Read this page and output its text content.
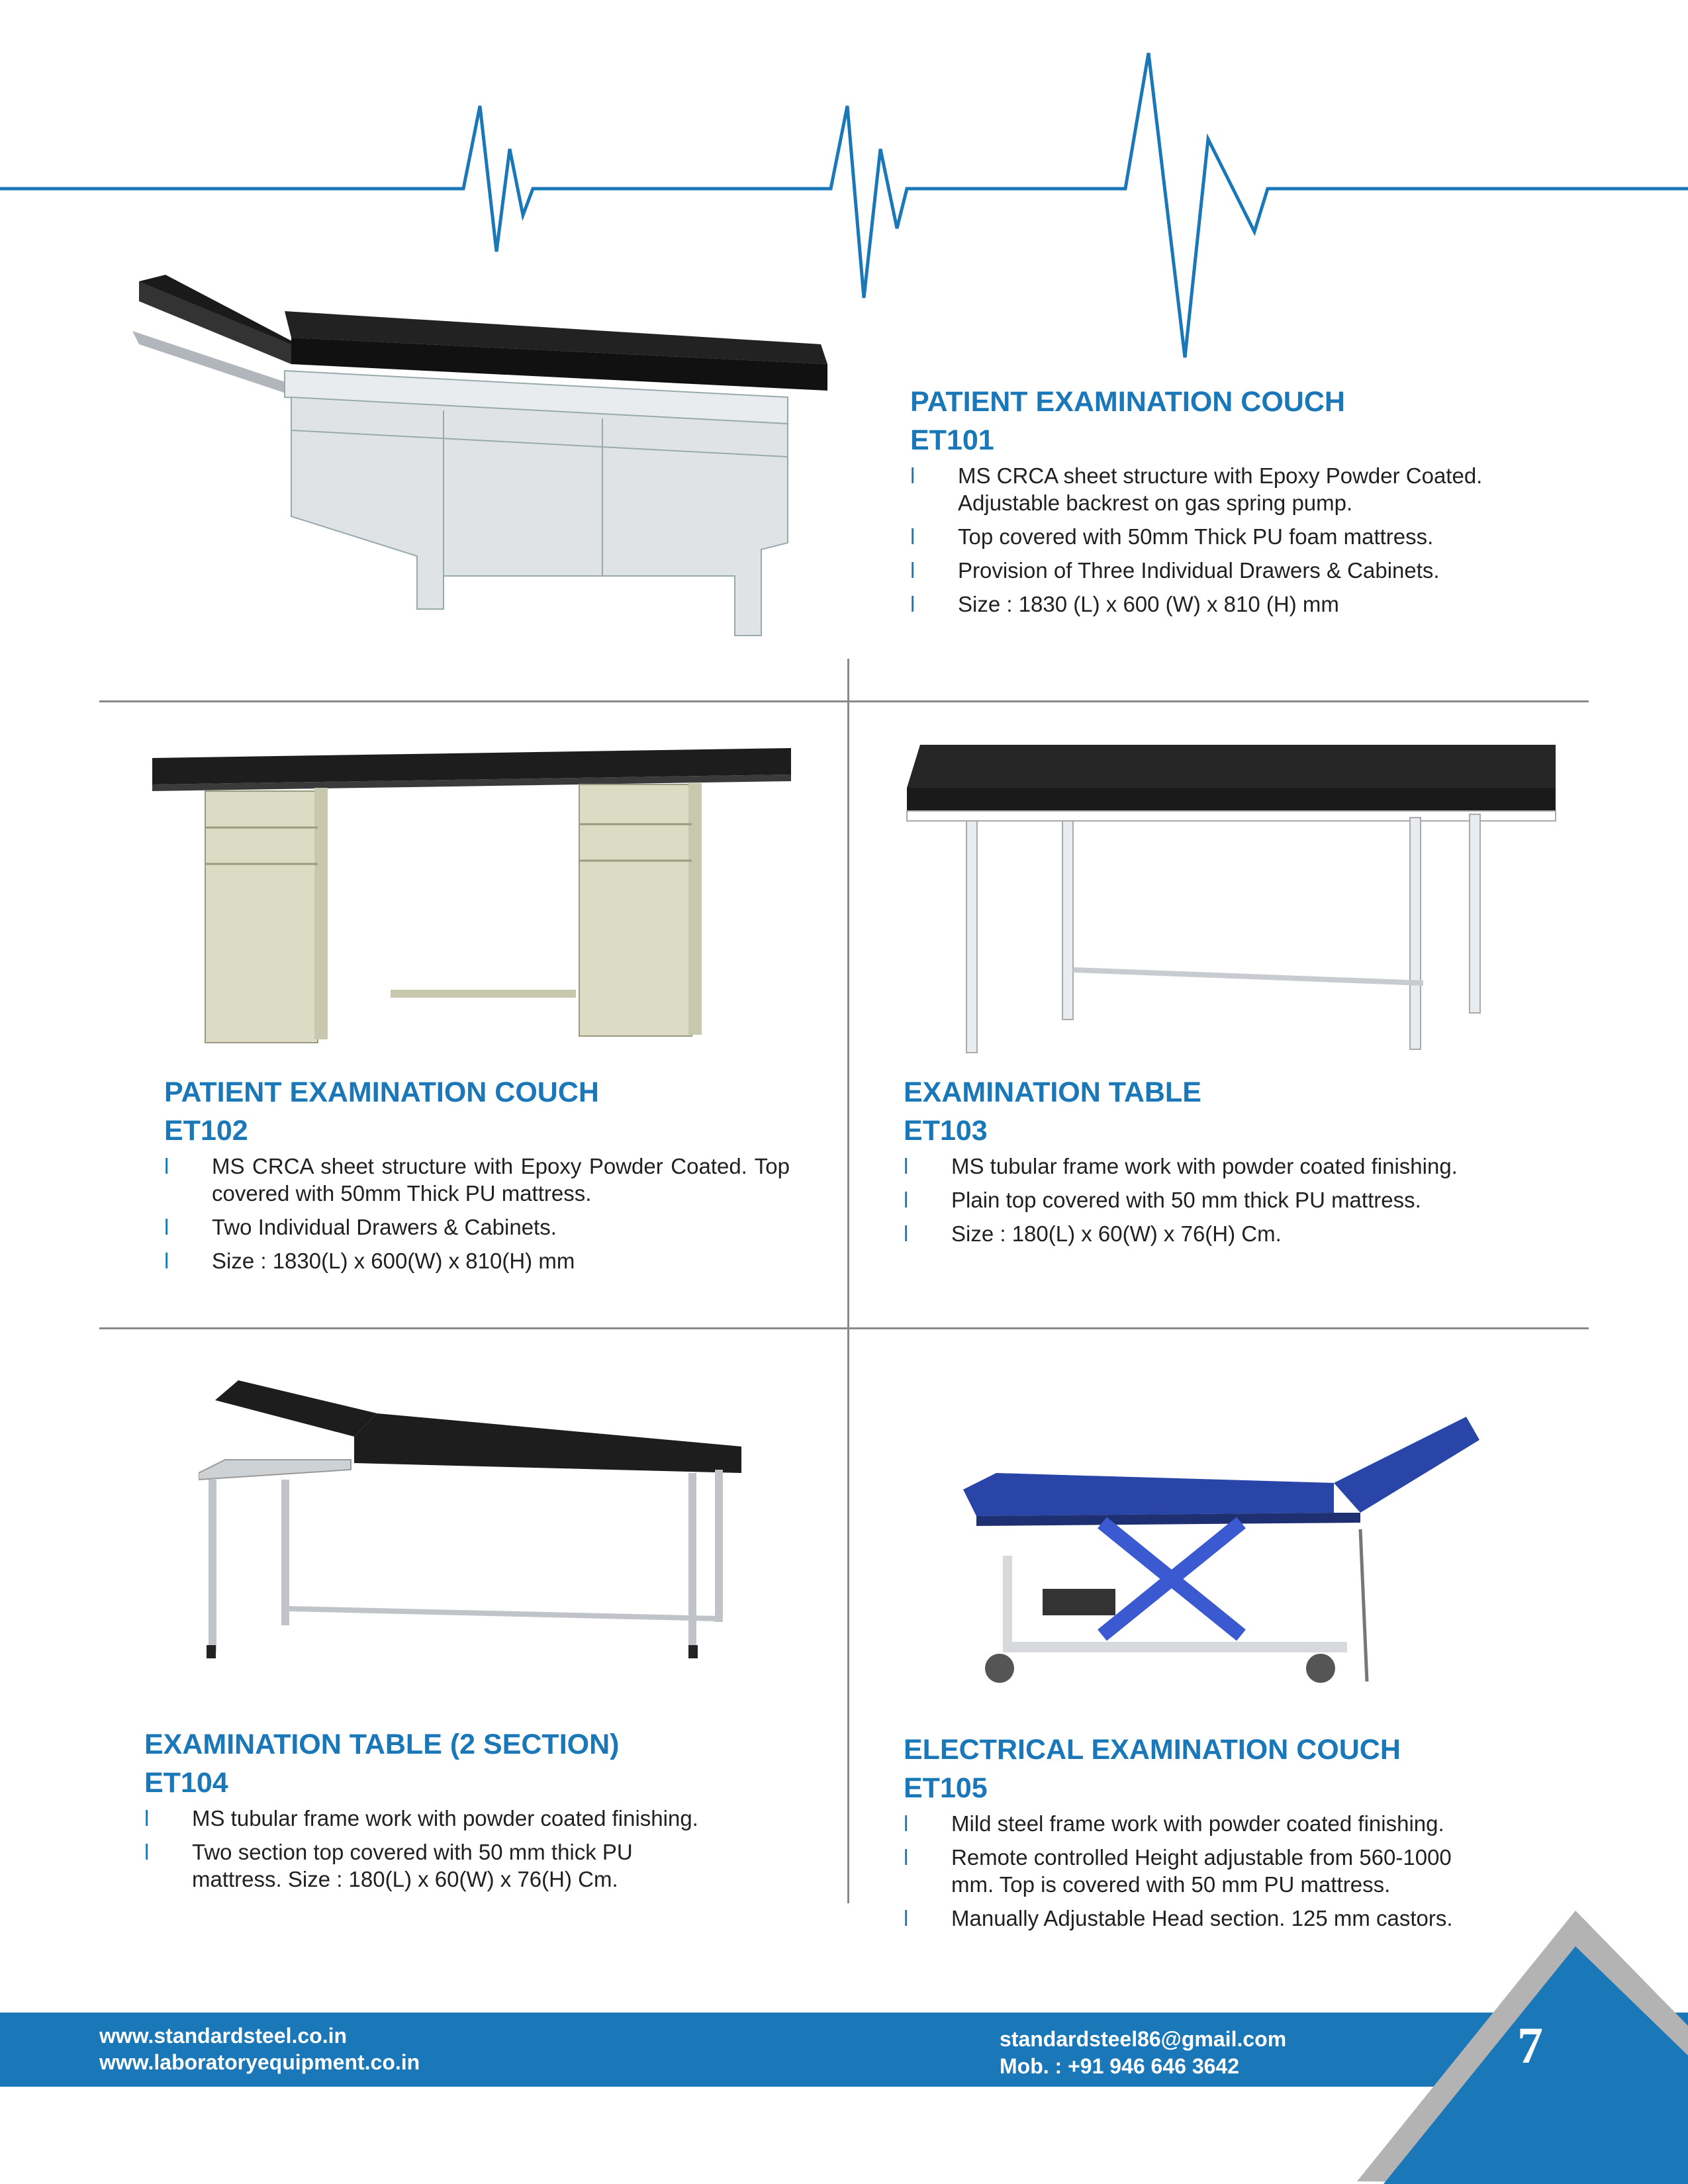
PATIENT EXAMINATION COUCH
ET101
l MS CRCA sheet structure with Epoxy Powder Coated. Adjustable backrest on gas spring pump.
l Top covered with 50mm Thick PU foam mattress.
l Provision of Three Individual Drawers & Cabinets.
l Size : 1830 (L) x 600 (W) x 810 (H) mm
PATIENT EXAMINATION COUCH
ET102
l MS CRCA sheet structure with Epoxy Powder Coated. Top covered with 50mm Thick PU mattress.
l Two Individual Drawers & Cabinets.
l Size : 1830(L) x 600(W) x 810(H) mm
EXAMINATION TABLE
ET103
l MS tubular frame work with powder coated finishing.
l Plain top covered with 50 mm thick PU mattress.
l Size : 180(L) x 60(W) x 76(H) Cm.
EXAMINATION TABLE (2 SECTION)
ET104
l MS tubular frame work with powder coated finishing.
l Two section top covered with 50 mm thick PU mattress. Size : 180(L) x 60(W) x 76(H) Cm.
ELECTRICAL EXAMINATION COUCH
ET105
l Mild steel frame work with powder coated finishing.
l Remote controlled Height adjustable from 560-1000 mm. Top is covered with 50 mm PU mattress.
l Manually Adjustable Head section. 125 mm castors.
www.standardsteel.co.in
www.laboratoryequipment.co.in
standardsteel86@gmail.com
Mob. : +91 946 646 3642	7
